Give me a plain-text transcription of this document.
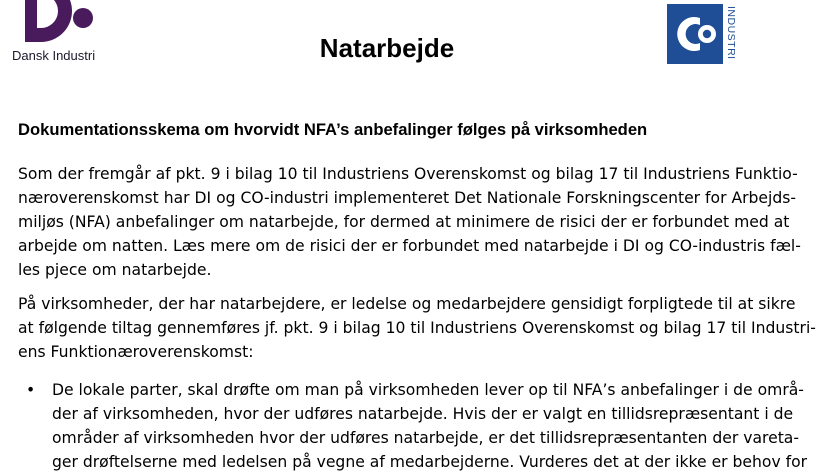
Dansk Industri	INDUSTRI
Natarbejde
Dokumentationsskema om hvorvidt NFA’s anbefalinger følges på virksomheden

Som der fremgår af pkt. 9 i bilag 10 til Industriens Overenskomst og bilag 17 til Industriens Funktio-
næroverenskomst har DI og CO-industri implementeret Det Nationale Forskningscenter for Arbejds-
miljøs (NFA) anbefalinger om natarbejde, for dermed at minimere de risici der er forbundet med at
arbejde om natten. Læs mere om de risici der er forbundet med natarbejde i DI og CO-industris fæl-
les pjece om natarbejde.

På virksomheder, der har natarbejdere, er ledelse og medarbejdere gensidigt forpligtede til at sikre
at følgende tiltag gennemføres jf. pkt. 9 i bilag 10 til Industriens Overenskomst og bilag 17 til Industri-
ens Funktionæroverenskomst:

• De lokale parter, skal drøfte om man på virksomheden lever op til NFA’s anbefalinger i de områ-
der af virksomheden, hvor der udføres natarbejde. Hvis der er valgt en tillidsrepræsentant i de
områder af virksomheden hvor der udføres natarbejde, er det tillidsrepræsentanten der vareta-
ger drøftelserne med ledelsen på vegne af medarbejderne. Vurderes det at der ikke er behov for
